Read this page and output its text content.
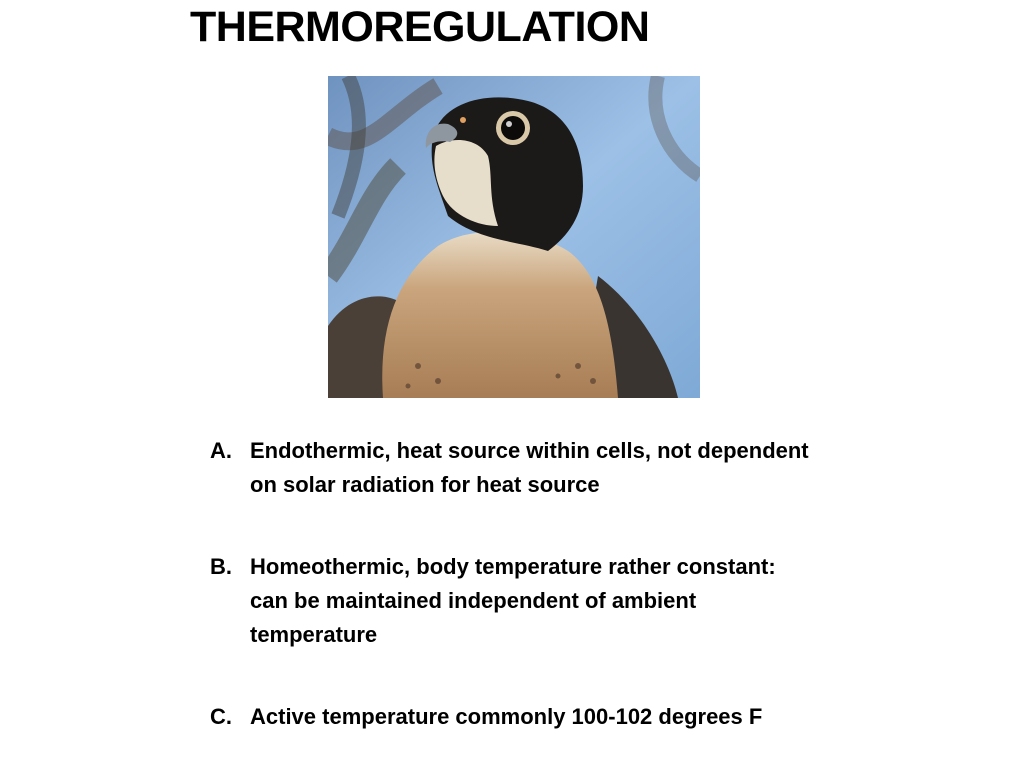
THERMOREGULATION
A. Endothermic, heat source within cells, not dependent on solar radiation for heat source
B. Homeothermic, body temperature rather constant: can be maintained independent of ambient temperature
C. Active temperature commonly 100-102 degrees F
